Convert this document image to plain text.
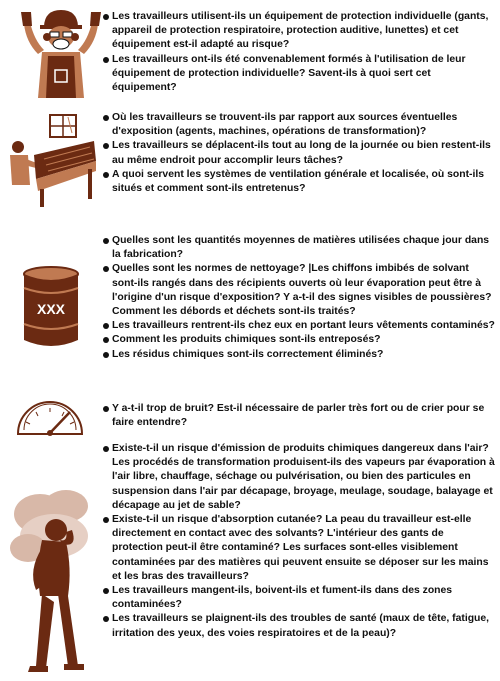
Les travailleurs utilisent-ils un équipement de protection individuelle (gants, appareil de protection respiratoire, protection auditive, lunettes) et cet équipement est-il adapté au risque?
Les travailleurs ont-ils été convenablement formés à l'utilisation de leur équipement de protection individuelle? Savent-ils à quoi sert cet équipement?
Où les travailleurs se trouvent-ils par rapport aux sources éventuelles d'exposition (agents, machines, opérations de transformation)?
Les travailleurs se déplacent-ils tout au long de la journée ou bien restent-ils au même endroit pour accomplir leurs tâches?
A quoi servent les systèmes de ventilation générale et localisée, où sont-ils situés et comment sont-ils entretenus?
XXX
Quelles sont les quantités moyennes de matières utilisées chaque jour dans la fabrication?
Quelles sont les normes de nettoyage? |Les chiffons imbibés de solvant sont-ils rangés dans des récipients ouverts où leur évaporation peut être à l'origine d'un risque d'exposition? Y a-t-il des signes visibles de poussières? Comment les débords et déchets sont-ils traités?
Les travailleurs rentrent-ils chez eux en portant leurs vêtements contaminés?
Comment les produits chimiques sont-ils entreposés?
Les résidus chimiques sont-ils correctement éliminés?
Y a-t-il trop de bruit? Est-il nécessaire de parler très fort ou de crier pour se faire entendre?
Existe-t-il un risque d'émission de produits chimiques dangereux dans l'air? Les procédés de transformation produisent-ils des vapeurs par évaporation à l'air libre, chauffage, séchage ou pulvérisation, ou bien des particules en suspension dans l'air par décapage, broyage, meulage, soudage, balayage et décapage au jet de sable?
Existe-t-il un risque d'absorption cutanée? La peau du travailleur est-elle directement en contact avec des solvants? L'intérieur des gants de protection peut-il être contaminé? Les surfaces sont-elles visiblement contaminées par des matières qui peuvent ensuite se déposer sur les mains et les bras des travailleurs?
Les travailleurs mangent-ils, boivent-ils et fument-ils dans des zones contaminées?
Les travailleurs se plaignent-ils des troubles de santé (maux de tête, fatigue, irritation des yeux, des voies respiratoires et de la peau)?
